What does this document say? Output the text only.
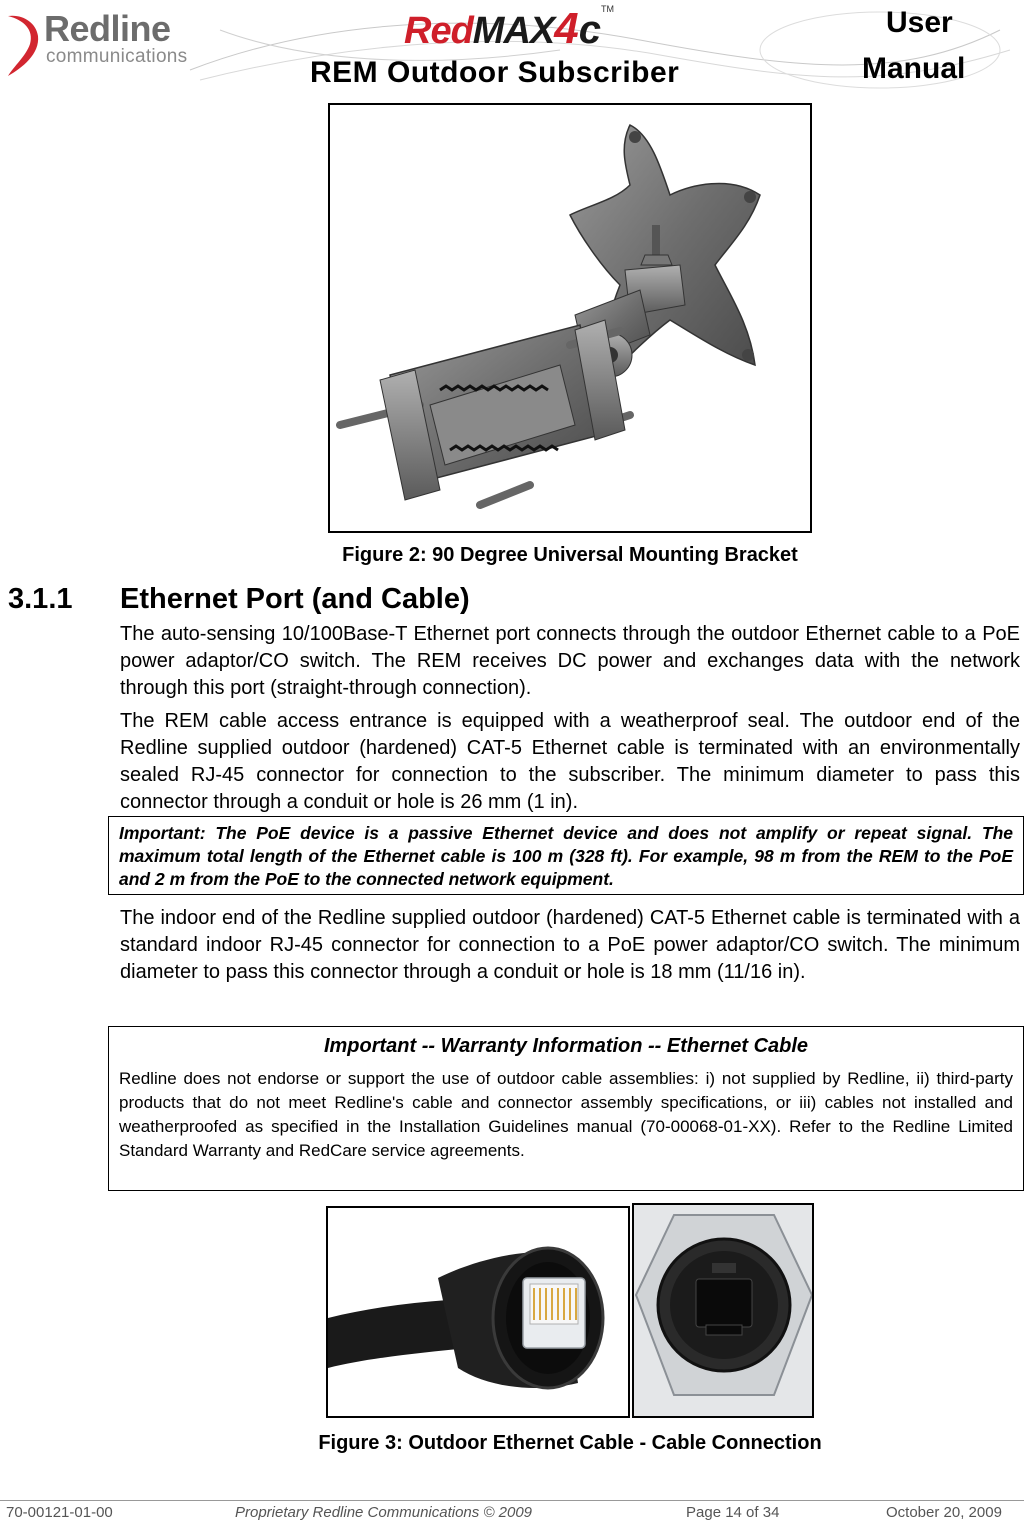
Redline
communications
RedMAX4c™
REM Outdoor Subscriber
User
Manual
Figure 2: 90 Degree Universal Mounting Bracket
3.1.1 Ethernet Port (and Cable)
The auto-sensing 10/100Base-T Ethernet port connects through the outdoor Ethernet cable to a PoE power adaptor/CO switch. The REM receives DC power and exchanges data with the network through this port (straight-through connection).
The REM cable access entrance is equipped with a weatherproof seal. The outdoor end of the Redline supplied outdoor (hardened) CAT-5 Ethernet cable is terminated with an environmentally sealed RJ-45 connector for connection to the subscriber. The minimum diameter to pass this connector through a conduit or hole is 26 mm (1 in).
Important: The PoE device is a passive Ethernet device and does not amplify or repeat signal. The maximum total length of the Ethernet cable is 100 m (328 ft). For example, 98 m from the REM to the PoE and 2 m from the PoE to the connected network equipment.
The indoor end of the Redline supplied outdoor (hardened) CAT-5 Ethernet cable is terminated with a standard indoor RJ-45 connector for connection to a PoE power adaptor/CO switch. The minimum diameter to pass this connector through a conduit or hole is 18 mm (11/16 in).
Important -- Warranty Information -- Ethernet Cable
Redline does not endorse or support the use of outdoor cable assemblies: i) not supplied by Redline, ii) third-party products that do not meet Redline's cable and connector assembly specifications, or iii) cables not installed and weatherproofed as specified in the Installation Guidelines manual (70-00068-01-XX). Refer to the Redline Limited Standard Warranty and RedCare service agreements.
Figure 3: Outdoor Ethernet Cable - Cable Connection
70-00121-01-00	Proprietary Redline Communications © 2009	Page 14 of 34	October 20, 2009
